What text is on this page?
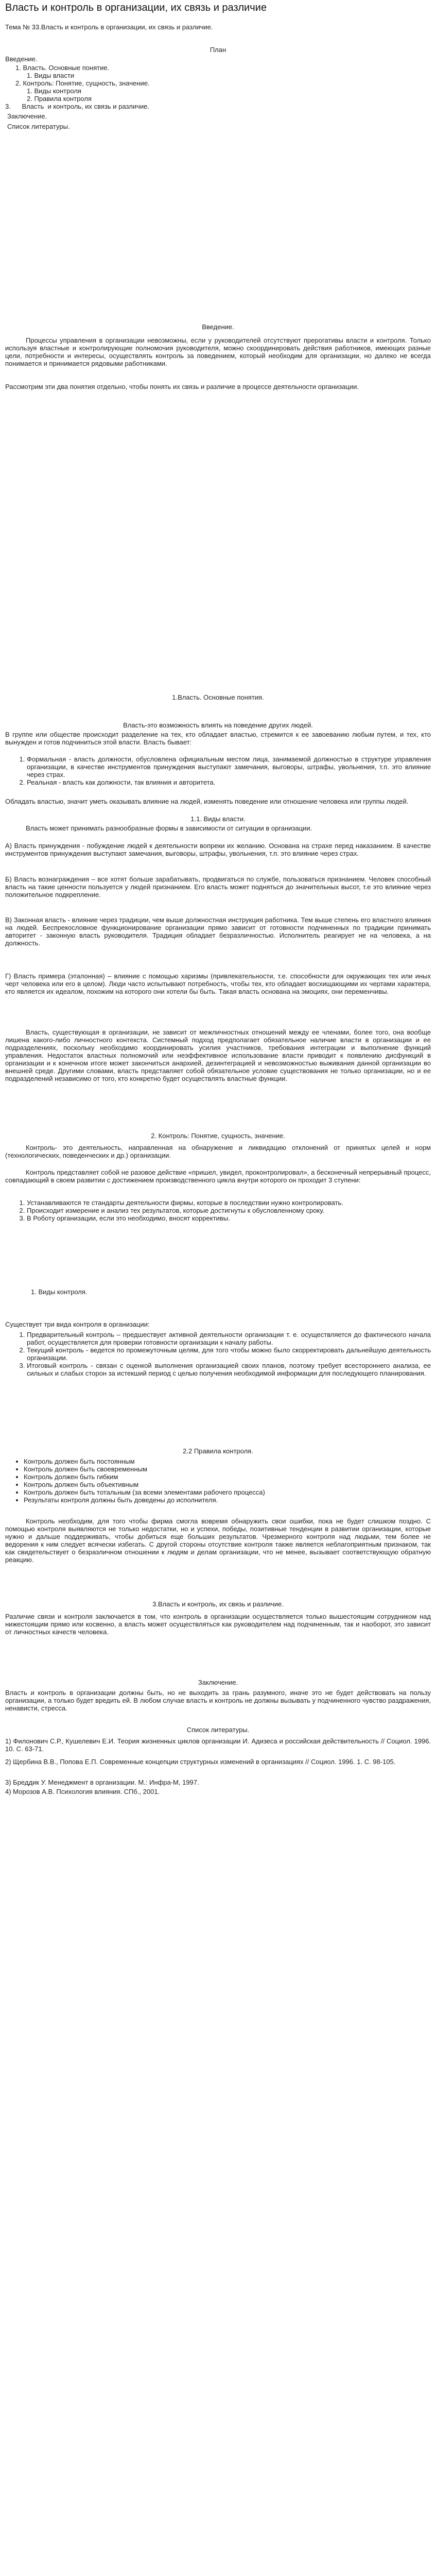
Власть и контроль в организации, их связь и различие
Тема № 33.Власть и контроль в организации, их связь и различие.
План
Введение.
1. Власть. Основные понятие.
1. Виды власти
2. Контроль: Понятие, сущность, значение.
1. Виды контроля
2. Правила контроля
3.      Власть  и контроль, их связь и различие.
Заключение.
Список литературы.
Введение.
Процессы управления в организации невозможны, если у руководителей отсутствуют прерогативы власти и контроля. Только используя властные и контролирующие полномочия руководителя, можно скоординировать действия работников, имеющих разные цели, потребности и интересы, осуществлять контроль за поведением, который необходим для организации, но далеко не всегда понимается и принимается рядовыми работниками.
Рассмотрим эти два понятия отдельно, чтобы понять их связь и различие в процессе деятельности организации.
1.Власть. Основные понятия.
Власть-это возможность влиять на поведение других людей.
В группе или обществе происходит разделение на тех, кто обладает властью, стремится к ее завоеванию любым путем, и тех, кто вынужден и готов подчиниться этой власти. Власть бывает:
1. Формальная - власть должности, обусловлена официальным местом лица, занимаемой должностью в структуре управления организации, в качестве инструментов принуждения выступают замечания, выговоры, штрафы, увольнения, т.п. это влияние через страх.
2. Реальная - власть как должности, так влияния и авторитета.
Обладать властью, значит уметь оказывать влияние на людей, изменять поведение или отношение человека или группы людей.
1.1. Виды власти.
Власть может принимать разнообразные формы в зависимости от ситуации в организации.
А) Власть принуждения - побуждение людей к деятельности вопреки их желанию. Основана на страхе перед наказанием. В качестве инструментов принуждения выступают замечания, выговоры, штрафы, увольнения, т.п. это влияние через страх.
Б) Власть вознаграждения – все хотят больше зарабатывать, продвигаться по службе, пользоваться признанием. Человек способный власть на такие ценности пользуется у людей признанием. Его власть может подняться до значительных высот, т.е это влияние через положительное подкрепление.
В) Законная власть - влияние через традиции, чем выше должностная инструкция работника. Тем выше степень его властного влияния на людей. Беспрекословное функционирование организации прямо зависит от готовности подчиненных по традиции принимать авторитет - законную власть руководителя. Традиция обладает безразличностью. Исполнитель реагирует не на человека, а на должность.
Г) Власть примера (эталонная) – влияние с помощью харизмы (привлекательности, т.е. способности для окружающих тех или иных черт человека или его в целом). Люди часто испытывают потребность, чтобы тех, кто обладает восхищающими их чертами характера, кто является их идеалом, похожим на которого они хотели бы быть. Такая власть основана на эмоциях, они переменчивы.
Власть, существующая в организации, не зависит от межличностных отношений между ее членами, более того, она вообще лишена какого-либо личностного контекста. Системный подход предполагает обязательное наличие власти в организации и ее подразделениях, поскольку необходимо координировать усилия участников, требования интеграции и выполнение функций управления. Недостаток властных полномочий или неэффективное использование власти приводит к появлению дисфункций в организации и к конечном итоге может закончиться анархией, дезинтеграцией и невозможностью выживания данной организации во внешней среде. Другими словами, власть представляет собой обязательное условие существования не только организации, но и ее подразделений независимо от того, кто конкретно будет осуществлять властные функции.
2. Контроль: Понятие, сущность, значение.
Контроль- это деятельность, направленная на обнаружение и ликвидацию отклонений от принятых целей и норм (технологических, поведенческих и др.) организации.
Контроль представляет собой не разовое действие «пришел, увидел, проконтролировал», а бесконечный непрерывный процесс, совпадающий в своем развитии с достижением производственного цикла внутри которого он проходит 3 ступени:
1. Устанавливаются те стандарты деятельности фирмы, которые в последствии нужно контролировать.
2. Происходит измерение и анализ тех результатов, которые достигнуты к обусловленному сроку.
3. В Роботу организации, если это необходимо, вносят коррективы.
1. Виды контроля.
Существует три вида контроля в организации:
1. Предварительный контроль – предшествует активной деятельности организации т. е. осуществляется до фактического начала работ, осуществляется для проверки готовности организации к началу работы.
2. Текущий контроль - ведется по промежуточным целям, для того чтобы можно было скорректировать дальнейшую деятельность организации.
3. Итоговый контроль - связан с оценкой выполнения организацией своих планов, поэтому требует всестороннего анализа, ее сильных и слабых сторон за истекший период с целью получения необходимой информации для последующего планирования.
2.2 Правила контроля.
• Контроль должен быть постоянным
• Контроль должен быть своевременным
• Контроль должен быть гибким
• Контроль должен быть объективным
• Контроль должен быть тотальным (за всеми элементами рабочего процесса)
• Результаты контроля должны быть доведены до исполнителя.
Контроль необходим, для того чтобы фирма смогла вовремя обнаружить свои ошибки, пока не будет слишком поздно. С помощью контроля выявляются не только недостатки, но и успехи, победы, позитивные тенденции в развитии организации, которые нужно и дальше поддерживать, чтобы добиться еще больших результатов. Чрезмерного контроля над людьми, тем более не ведорения к ним следует всячески избегать. С другой стороны отсутствие контроля также является неблагоприятным признаком, так как свидетельствует о безразличном отношении к людям и делам организации, что не менее, вызывает соответствующую обратную реакцию.
3.Власть и контроль, их связь и различие.
Различие связи и контроля заключается в том, что контроль в организации осуществляется только вышестоящим сотрудником над нижестоящим прямо или косвенно, а власть может осуществляться как руководителем над подчиненным, так и наоборот, это зависит от личностных качеств человека.
Заключение.
Власть и контроль в организации должны быть, но не выходить за грань разумного, иначе это не будет действовать на пользу организации, а только будет вредить ей. В любом случае власть и контроль не должны вызывать у подчиненного чувство раздражения, ненависти, стресса.
Список литературы.
1) Филонович С.Р., Кушелевич Е.И. Теория жизненных циклов организации И. Адизеса и российская действительность // Социол. 1996. 10. С. 63-71.
2) Щербина В.В., Попова Е.П. Современные концепции структурных изменений в организациях // Социол. 1996. 1. С. 98-105.
3) Бреддик У. Менеджмент в организации. М.: Инфра-М, 1997.
4) Морозов А.В. Психология влияния. СПб., 2001.
